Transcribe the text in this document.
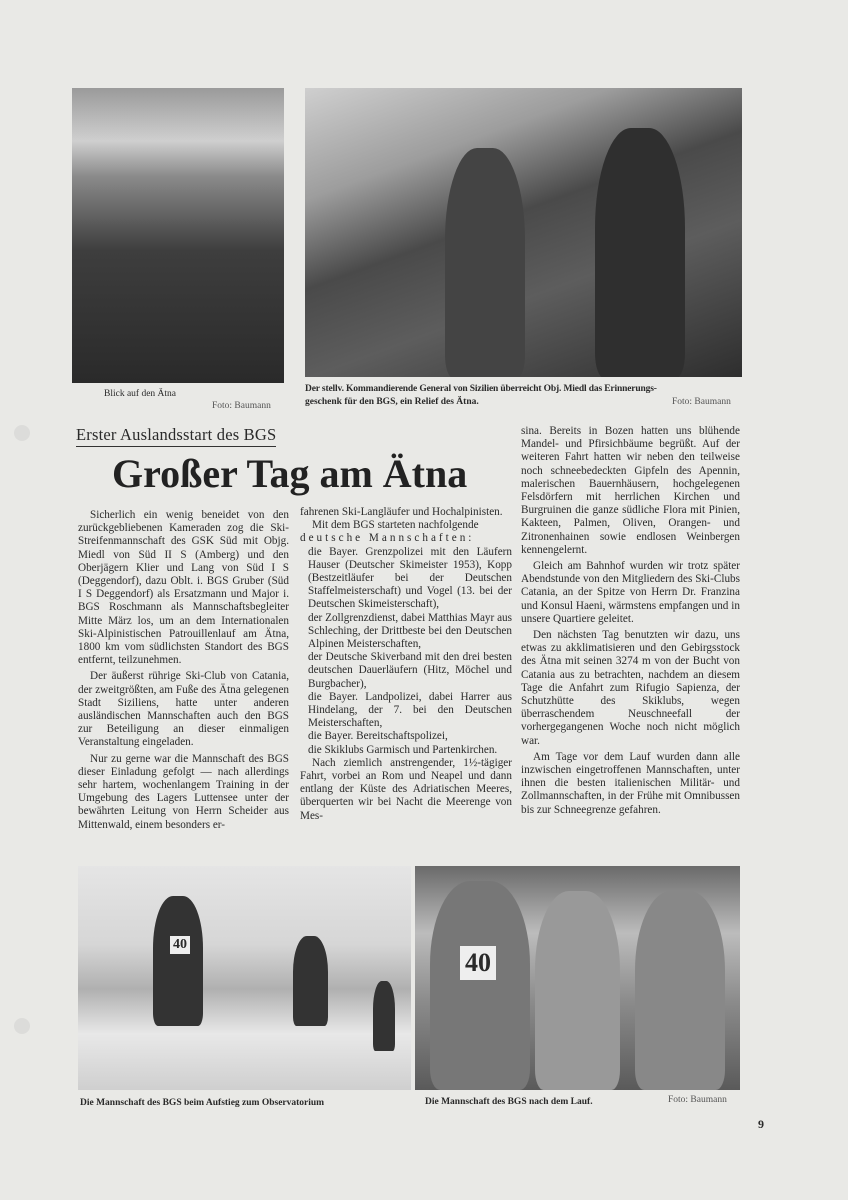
Blick auf den Ätna
Foto: Baumann
Der stellv. Kommandierende General von Sizilien überreicht Obj. Miedl das Erinnerungs-
geschenk für den BGS, ein Relief des Ätna.	Foto: Baumann
Erster Auslandsstart des BGS
Großer Tag am Ätna

Sicherlich ein wenig beneidet von den zurückgebliebenen Kameraden zog die Ski-Streifenmannschaft des GSK Süd mit Objg. Miedl von Süd II S (Amberg) und den Oberjägern Klier und Lang von Süd I S (Deggendorf), dazu Oblt. i. BGS Gruber (Süd I S Deggendorf) als Ersatzmann und Major i. BGS Roschmann als Mannschaftsbegleiter Mitte März los, um an dem Internationalen Ski-Alpinistischen Patrouillenlauf am Ätna, 1800 km vom südlichsten Standort des BGS entfernt, teilzunehmen.

Der äußerst rührige Ski-Club von Catania, der zweitgrößten, am Fuße des Ätna gelegenen Stadt Siziliens, hatte unter anderen ausländischen Mannschaften auch den BGS zur Beteiligung an dieser einmaligen Veranstaltung eingeladen.

Nur zu gerne war die Mannschaft des BGS dieser Einladung gefolgt — nach allerdings sehr hartem, wochenlangem Training in der Umgebung des Lagers Luttensee unter der bewährten Leitung von Herrn Scheider aus Mittenwald, einem besonders er-

fahrenen Ski-Langläufer und Hochalpinisten.

Mit dem BGS starteten nachfolgende

deutsche Mannschaften:

die Bayer. Grenzpolizei mit den Läufern Hauser (Deutscher Skimeister 1953), Kopp (Bestzeitläufer bei der Deutschen Staffelmeisterschaft) und Vogel (13. bei der Deutschen Skimeisterschaft),

der Zollgrenzdienst, dabei Matthias Mayr aus Schleching, der Drittbeste bei den Deutschen Alpinen Meisterschaften,

der Deutsche Skiverband mit den drei besten deutschen Dauerläufern (Hitz, Möchel und Burgbacher),

die Bayer. Landpolizei, dabei Harrer aus Hindelang, der 7. bei den Deutschen Meisterschaften,

die Bayer. Bereitschaftspolizei,

die Skiklubs Garmisch und Partenkirchen.

Nach ziemlich anstrengender, 1½-tägiger Fahrt, vorbei an Rom und Neapel und dann entlang der Küste des Adriatischen Meeres, überquerten wir bei Nacht die Meerenge von Mes-

sina. Bereits in Bozen hatten uns blühende Mandel- und Pfirsichbäume begrüßt. Auf der weiteren Fahrt hatten wir neben den teilweise noch schneebedeckten Gipfeln des Apennin, malerischen Bauernhäusern, hochgelegenen Felsdörfern mit herrlichen Kirchen und Burgruinen die ganze südliche Flora mit Pinien, Kakteen, Palmen, Oliven, Orangen- und Zitronenhainen sowie endlosen Weinbergen kennengelernt.

Gleich am Bahnhof wurden wir trotz später Abendstunde von den Mitgliedern des Ski-Clubs Catania, an der Spitze von Herrn Dr. Franzina und Konsul Haeni, wärmstens empfangen und in unsere Quartiere geleitet.

Den nächsten Tag benutzten wir dazu, uns etwas zu akklimatisieren und den Gebirgsstock des Ätna mit seinen 3274 m von der Bucht von Catania aus zu betrachten, nachdem an diesem Tage die Anfahrt zum Rifugio Sapienza, der Schutzhütte des Skiklubs, wegen überraschendem Neuschneefall der vorhergegangenen Woche noch nicht möglich war.

Am Tage vor dem Lauf wurden dann alle inzwischen eingetroffenen Mannschaften, unter ihnen die besten italienischen Militär- und Zollmannschaften, in der Frühe mit Omnibussen bis zur Schneegrenze gefahren.

40
40
Die Mannschaft des BGS beim Aufstieg zum Observatorium	Die Mannschaft des BGS nach dem Lauf.	Foto: Baumann
9
